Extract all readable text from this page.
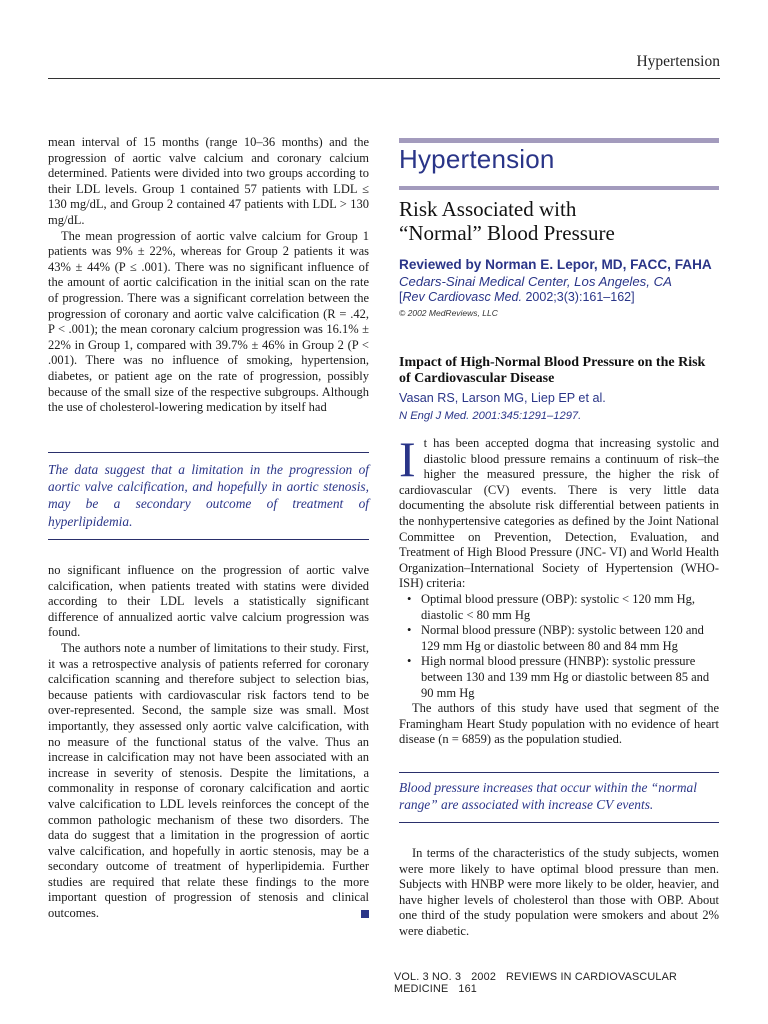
Hypertension

mean interval of 15 months (range 10–36 months) and the progression of aortic valve calcium and coronary calcium determined. Patients were divided into two groups according to their LDL levels. Group 1 contained 57 patients with LDL ≤ 130 mg/dL, and Group 2 contained 47 patients with LDL > 130 mg/dL.

The mean progression of aortic valve calcium for Group 1 patients was 9% ± 22%, whereas for Group 2 patients it was 43% ± 44% (P ≤ .001). There was no significant influence of the amount of aortic calcification in the initial scan on the rate of progression. There was a significant correlation between the progression of coronary and aortic valve calcification (R = .42, P < .001); the mean coronary calcium progression was 16.1% ± 22% in Group 1, compared with 39.7% ± 46% in Group 2 (P < .001). There was no influence of smoking, hypertension, diabetes, or patient age on the rate of progression, possibly because of the small size of the respective subgroups. Although the use of cholesterol-lowering medication by itself had

The data suggest that a limitation in the progression of aortic valve calcification, and hopefully in aortic stenosis, may be a secondary outcome of treatment of hyperlipidemia.

no significant influence on the progression of aortic valve calcification, when patients treated with statins were divided according to their LDL levels a statistically significant difference of annualized aortic valve calcium progression was found.

The authors note a number of limitations to their study. First, it was a retrospective analysis of patients referred for coronary calcification scanning and therefore subject to selection bias, because patients with cardiovascular risk factors tend to be over-represented. Second, the sample size was small. Most importantly, they assessed only aortic valve calcification, with no measure of the functional status of the valve. Thus an increase in calcification may not have been associated with an increase in severity of stenosis. Despite the limitations, a commonality in response of coronary calcification and aortic valve calcification to LDL levels reinforces the concept of the common pathologic mechanism of these two disorders. The data do suggest that a limitation in the progression of aortic valve calcification, and hopefully in aortic stenosis, may be a secondary outcome of treatment of hyperlipidemia. Further studies are required that relate these findings to the more important question of progression of stenosis and clinical outcomes.

Hypertension
Risk Associated with
“Normal” Blood Pressure
Reviewed by Norman E. Lepor, MD, FACC, FAHA
Cedars-Sinai Medical Center, Los Angeles, CA
[Rev Cardiovasc Med. 2002;3(3):161–162]
© 2002 MedReviews, LLC
Impact of High-Normal Blood Pressure on the Risk of Cardiovascular Disease
Vasan RS, Larson MG, Liep EP et al.
N Engl J Med. 2001:345:1291–1297.

It has been accepted dogma that increasing systolic and diastolic blood pressure remains a continuum of risk–the higher the measured pressure, the higher the risk of cardiovascular (CV) events. There is very little data documenting the absolute risk differential between patients in the nonhypertensive categories as defined by the Joint National Committee on Prevention, Detection, Evaluation, and Treatment of High Blood Pressure (JNC- VI) and World Health Organization–International Society of Hypertension (WHO-ISH) criteria:

• Optimal blood pressure (OBP): systolic < 120 mm Hg, diastolic < 80 mm Hg
• Normal blood pressure (NBP): systolic between 120 and 129 mm Hg or diastolic between 80 and 84 mm Hg
• High normal blood pressure (HNBP): systolic pressure between 130 and 139 mm Hg or diastolic between 85 and 90 mm Hg

The authors of this study have used that segment of the Framingham Heart Study population with no evidence of heart disease (n = 6859) as the population studied.

Blood pressure increases that occur within the “normal range” are associated with increase CV events.

In terms of the characteristics of the study subjects, women were more likely to have optimal blood pressure than men. Subjects with HNBP were more likely to be older, heavier, and have higher levels of cholesterol than those with OBP. About one third of the study population were smokers and about 2% were diabetic.

VOL. 3 NO. 3 2002 REVIEWS IN CARDIOVASCULAR MEDICINE 161
